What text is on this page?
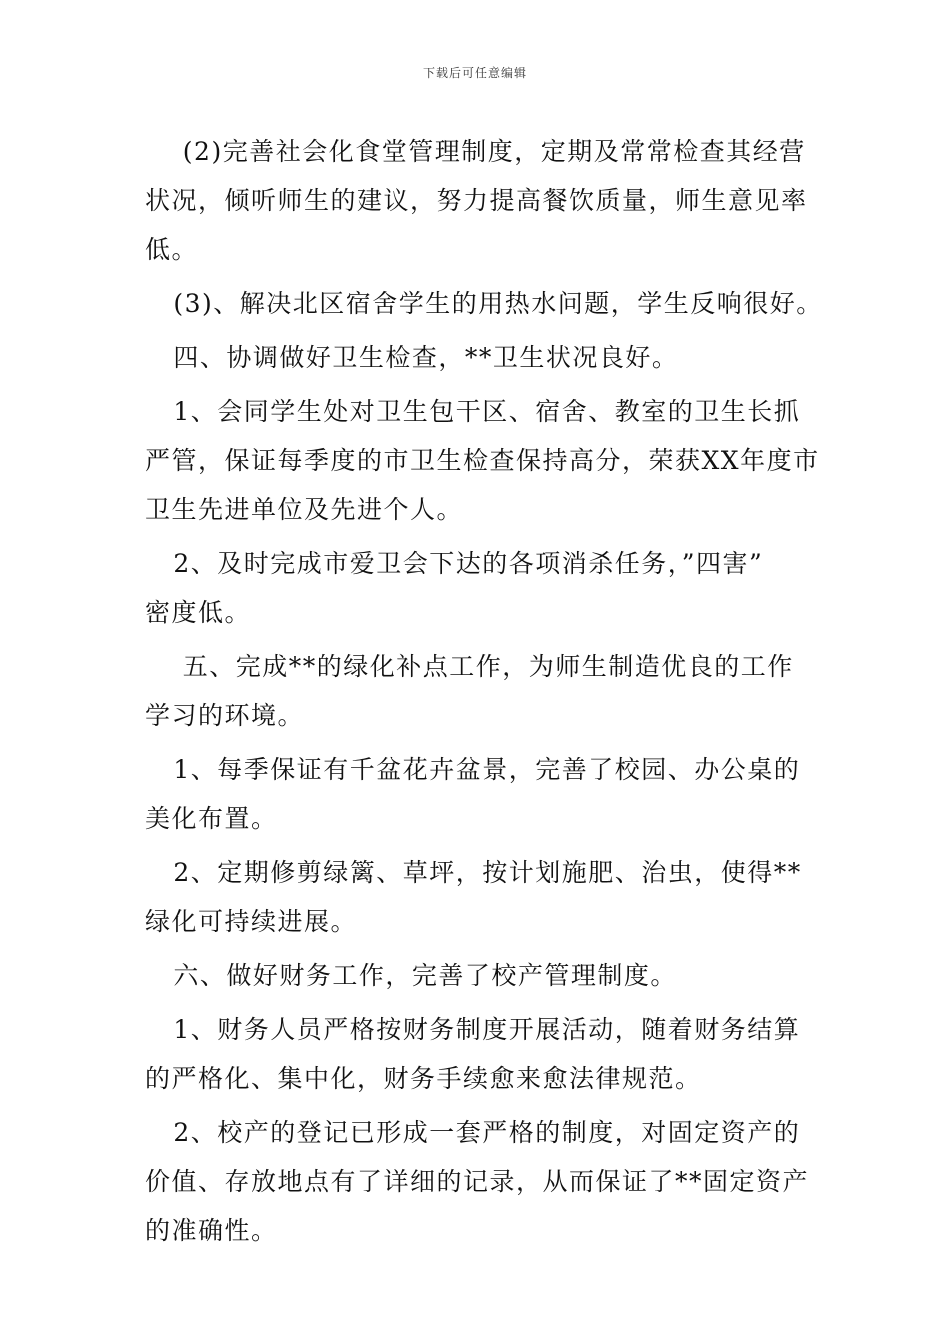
下载后可任意编辑
(2)完善社会化食堂管理制度，定期及常常检查其经营
状况，倾听师生的建议，努力提高餐饮质量，师生意见率
低。
(3)、解决北区宿舍学生的用热水问题，学生反响很好。
四、协调做好卫生检查，**卫生状况良好。
1、会同学生处对卫生包干区、宿舍、教室的卫生长抓
严管，保证每季度的市卫生检查保持高分，荣获XX年度市
卫生先进单位及先进个人。
2、及时完成市爱卫会下达的各项消杀任务，”四害”
密度低。
五、完成**的绿化补点工作，为师生制造优良的工作
学习的环境。
1、每季保证有千盆花卉盆景，完善了校园、办公桌的
美化布置。
2、定期修剪绿篱、草坪，按计划施肥、治虫，使得**
绿化可持续进展。
六、做好财务工作，完善了校产管理制度。
1、财务人员严格按财务制度开展活动，随着财务结算
的严格化、集中化，财务手续愈来愈法律规范。
2、校产的登记已形成一套严格的制度，对固定资产的
价值、存放地点有了详细的记录，从而保证了**固定资产
的准确性。
